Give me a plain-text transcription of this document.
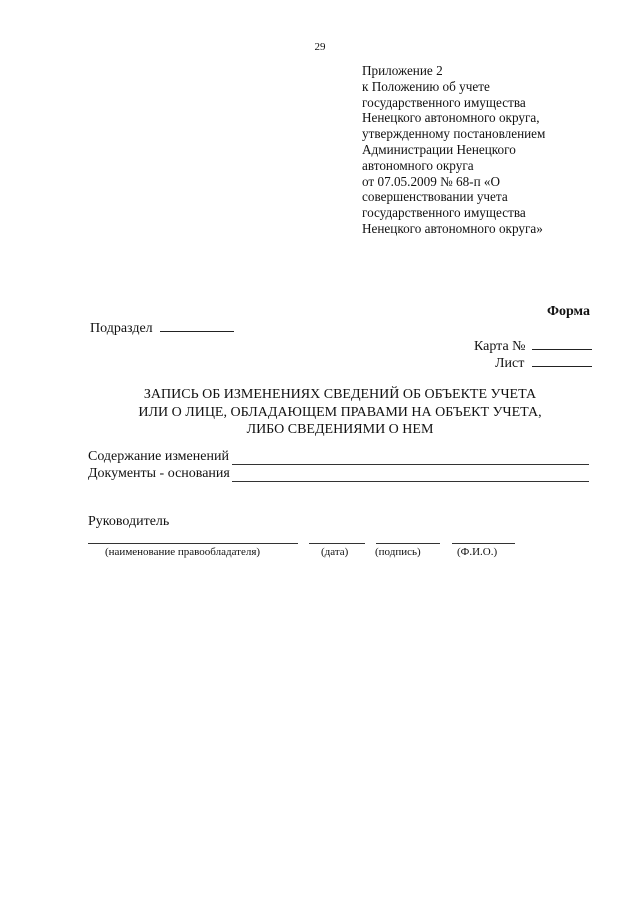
29
Приложение 2
к Положению об учете
государственного имущества
Ненецкого автономного округа,
утвержденному постановлением
Администрации Ненецкого
автономного округа
от 07.05.2009 № 68-п «О
совершенствовании учета
государственного имущества
Ненецкого автономного округа»
Форма
Подраздел
Карта №
Лист
ЗАПИСЬ ОБ ИЗМЕНЕНИЯХ СВЕДЕНИЙ ОБ ОБЪЕКТЕ УЧЕТА
ИЛИ О ЛИЦЕ, ОБЛАДАЮЩЕМ ПРАВАМИ НА ОБЪЕКТ УЧЕТА,
ЛИБО СВЕДЕНИЯМИ О НЕМ
Содержание изменений
Документы - основания
Руководитель
(наименование правообладателя)	(дата) (подпись)	(Ф.И.О.)
